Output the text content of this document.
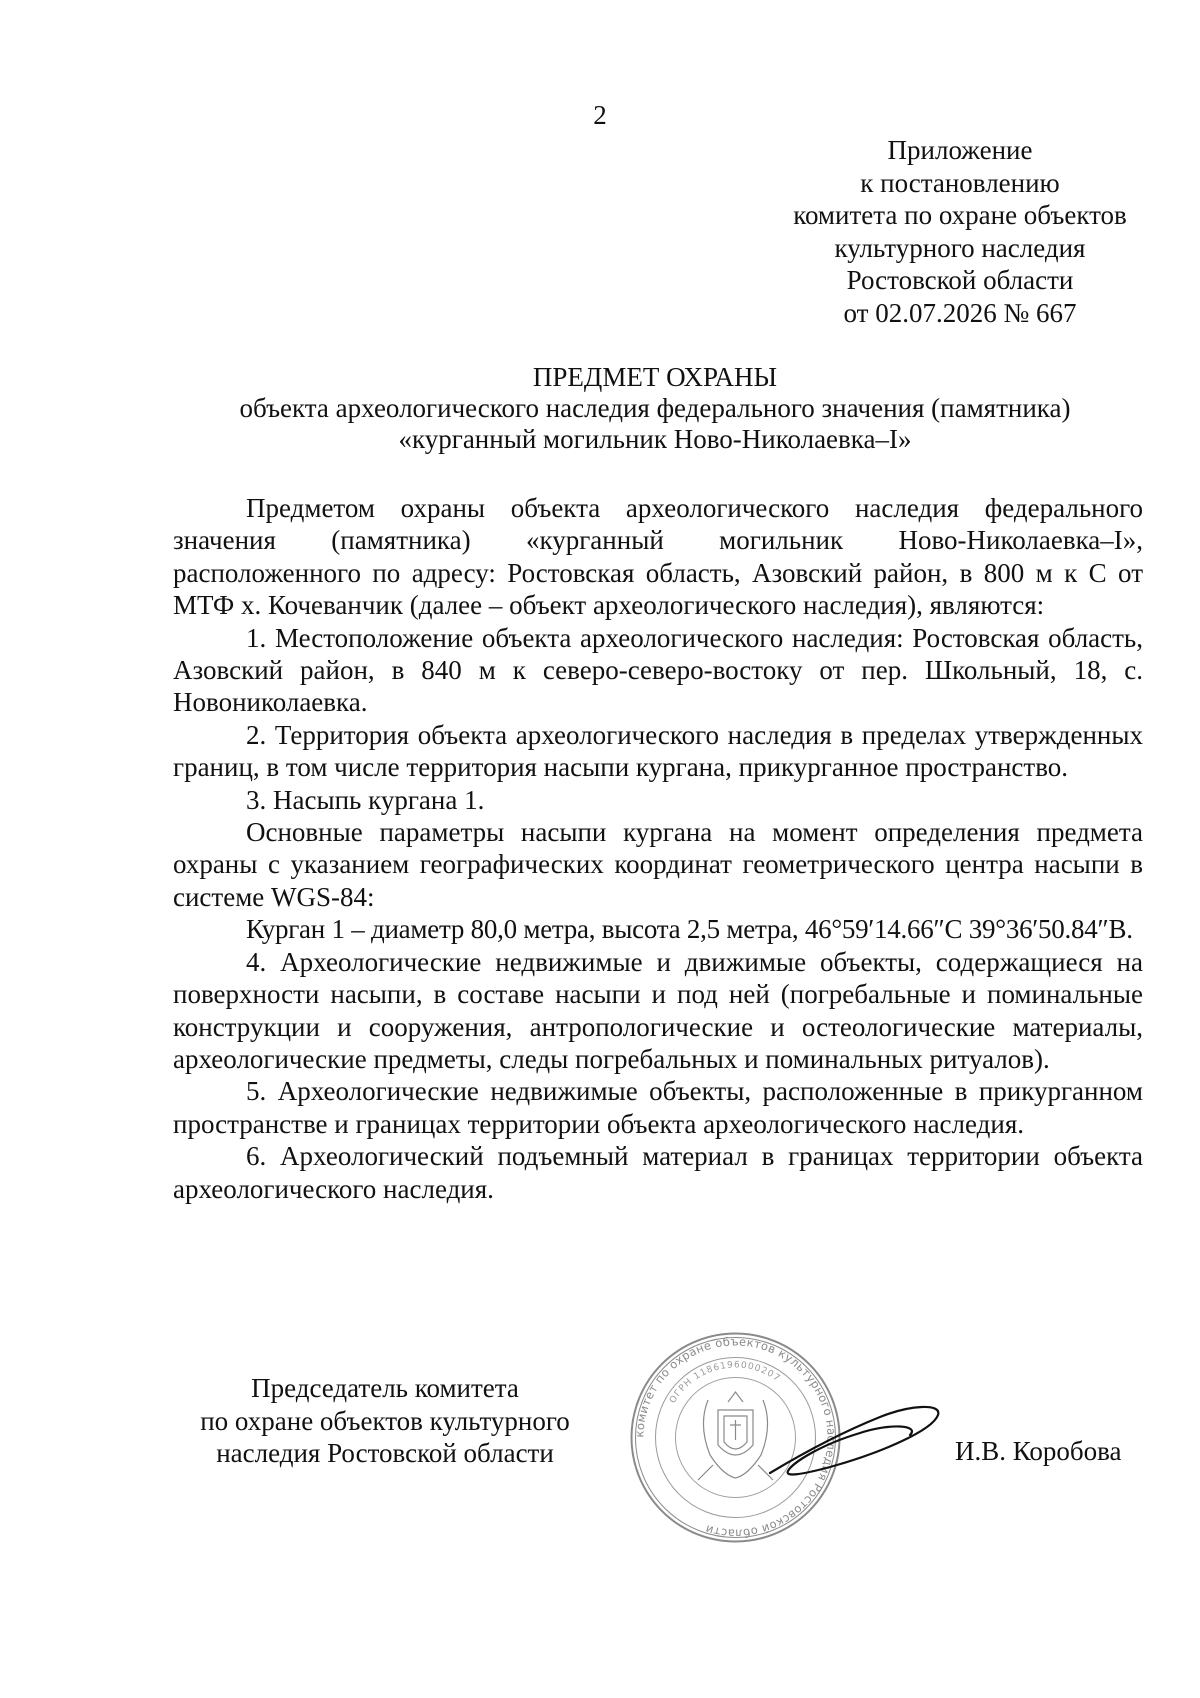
2
Приложение
к постановлению
комитета по охране объектов
культурного наследия
Ростовской области
от 02.07.2026 № 667
ПРЕДМЕТ ОХРАНЫ
объекта археологического наследия федерального значения (памятника)
«курганный могильник Ново-Николаевка–I»

Предметом охраны объекта археологического наследия федерального значения (памятника) «курганный могильник Ново-Николаевка–I», расположенного по адресу: Ростовская область, Азовский район, в 800 м к С от МТФ х. Кочеванчик (далее – объект археологического наследия), являются:

1. Местоположение объекта археологического наследия: Ростовская область, Азовский район, в 840 м к северо-северо-востоку от пер. Школьный, 18, с. Новониколаевка.

2. Территория объекта археологического наследия в пределах утвержденных границ, в том числе территория насыпи кургана, прикурганное пространство.

3. Насыпь кургана 1.

Основные параметры насыпи кургана на момент определения предмета охраны с указанием географических координат геометрического центра насыпи в системе WGS-84:

Курган 1 – диаметр 80,0 метра, высота 2,5 метра, 46°59′14.66″С 39°36′50.84″В.

4. Археологические недвижимые и движимые объекты, содержащиеся на поверхности насыпи, в составе насыпи и под ней (погребальные и поминальные конструкции и сооружения, антропологические и остеологические материалы, археологические предметы, следы погребальных и поминальных ритуалов).

5. Археологические недвижимые объекты, расположенные в прикурганном пространстве и границах территории объекта археологического наследия.

6. Археологический подъемный материал в границах территории объекта археологического наследия.

Председатель комитета
по охране объектов культурного
наследия Ростовской области
комитет по охране объектов культурного наследия Ростовской области
ОГРН 1186196000207
И.В. Коробова
